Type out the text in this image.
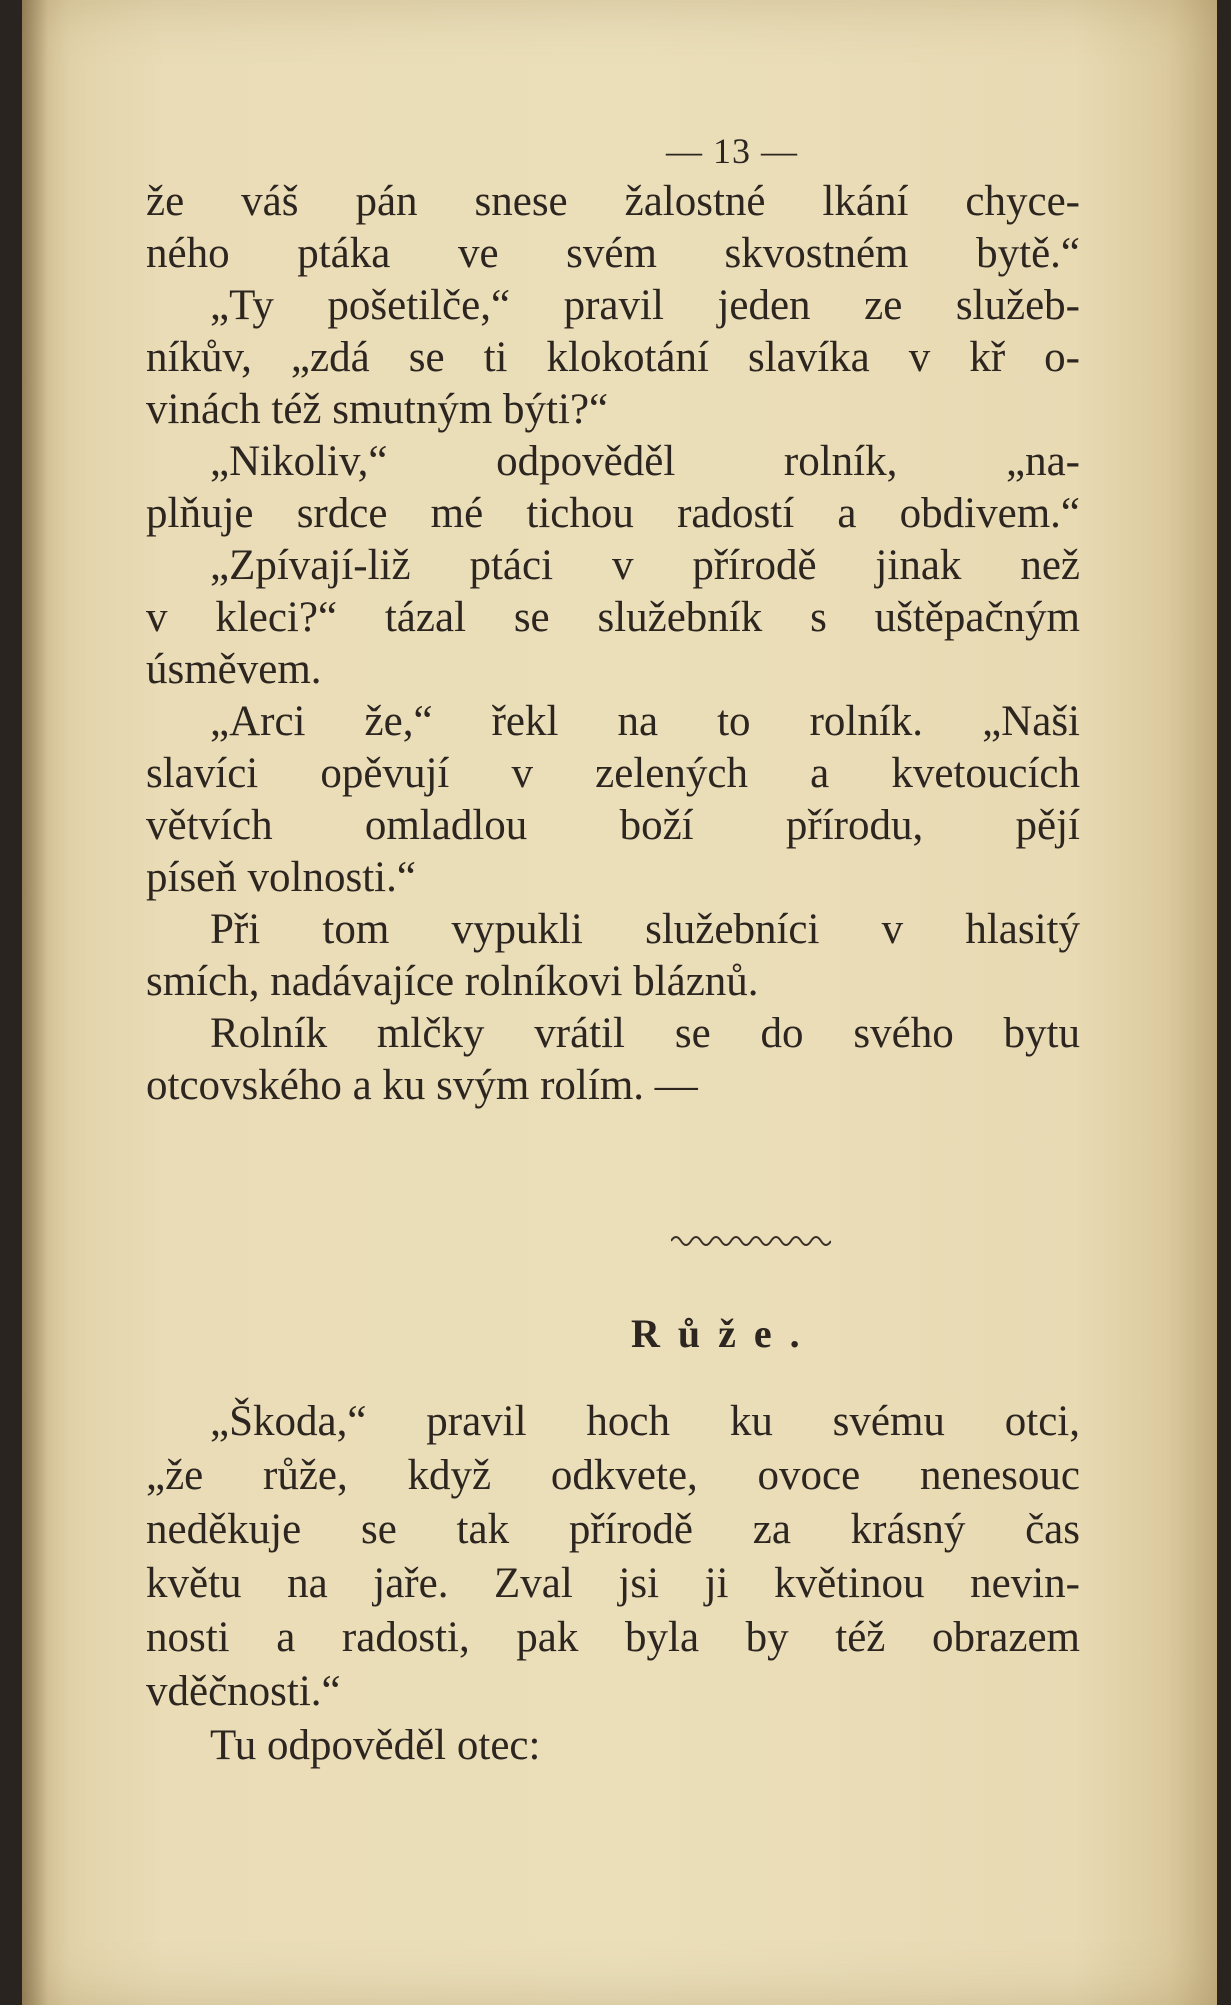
— 13 —
že váš pán snese žalostné lkání chyce-
ného ptáka ve svém skvostném bytě.“
„Ty pošetilče,“ pravil jeden ze služeb-
níkův, „zdá se ti klokotání slavíka v kř o-
vinách též smutným býti?“
„Nikoliv,“ odpověděl rolník, „na-
plňuje srdce mé tichou radostí a obdivem.“
„Zpívají-liž ptáci v přírodě jinak než
v kleci?“ tázal se služebník s uštěpačným
úsměvem.
„Arci že,“ řekl na to rolník. „Naši
slavíci opěvují v zelených a kvetoucích
větvích omladlou boží přírodu, pějí
píseň volnosti.“
Při tom vypukli služebníci v hlasitý
smích, nadávajíce rolníkovi bláznů.
Rolník mlčky vrátil se do svého bytu
otcovského a ku svým rolím. —
Růže.
„Škoda,“ pravil hoch ku svému otci,
„že růže, když odkvete, ovoce nenesouc
neděkuje se tak přírodě za krásný čas
květu na jaře. Zval jsi ji květinou nevin-
nosti a radosti, pak byla by též obrazem
vděčnosti.“
Tu odpověděl otec:
